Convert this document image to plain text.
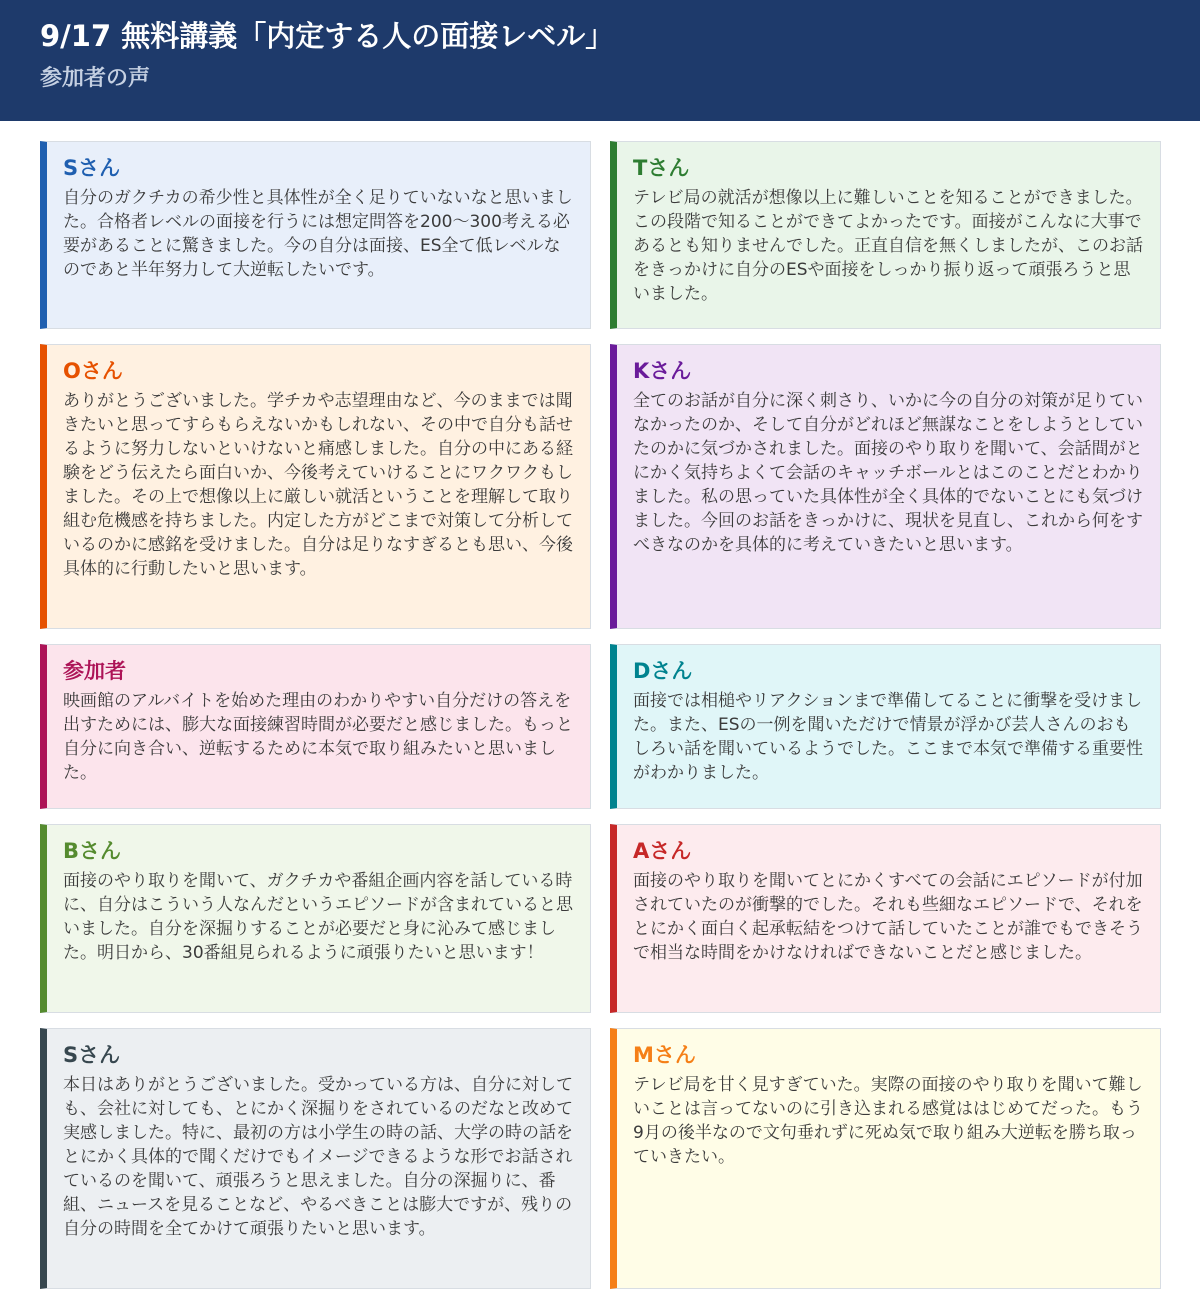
9/17 無料講義「内定する人の面接レベル」
参加者の声
Sさん
自分のガクチカの希少性と具体性が全く足りていないなと思いました。合格者レベルの面接を行うには想定問答を200〜300考える必要があることに驚きました。今の自分は面接、ES全て低レベルなのであと半年努力して大逆転したいです。
Tさん
テレビ局の就活が想像以上に難しいことを知ることができました。この段階で知ることができてよかったです。面接がこんなに大事であるとも知りませんでした。正直自信を無くしましたが、このお話をきっかけに自分のESや面接をしっかり振り返って頑張ろうと思いました。
Oさん
ありがとうございました。学チカや志望理由など、今のままでは聞きたいと思ってすらもらえないかもしれない、その中で自分も話せるように努力しないといけないと痛感しました。自分の中にある経験をどう伝えたら面白いか、今後考えていけることにワクワクもしました。その上で想像以上に厳しい就活ということを理解して取り組む危機感を持ちました。内定した方がどこまで対策して分析しているのかに感銘を受けました。自分は足りなすぎるとも思い、今後具体的に行動したいと思います。
Kさん
全てのお話が自分に深く刺さり、いかに今の自分の対策が足りていなかったのか、そして自分がどれほど無謀なことをしようとしていたのかに気づかされました。面接のやり取りを聞いて、会話間がとにかく気持ちよくて会話のキャッチボールとはこのことだとわかりました。私の思っていた具体性が全く具体的でないことにも気づけました。今回のお話をきっかけに、現状を見直し、これから何をすべきなのかを具体的に考えていきたいと思います。
参加者
映画館のアルバイトを始めた理由のわかりやすい自分だけの答えを出すためには、膨大な面接練習時間が必要だと感じました。もっと自分に向き合い、逆転するために本気で取り組みたいと思いました。
Dさん
面接では相槌やリアクションまで準備してることに衝撃を受けました。また、ESの一例を聞いただけで情景が浮かび芸人さんのおもしろい話を聞いているようでした。ここまで本気で準備する重要性がわかりました。
Bさん
面接のやり取りを聞いて、ガクチカや番組企画内容を話している時に、自分はこういう人なんだというエピソードが含まれていると思いました。自分を深掘りすることが必要だと身に沁みて感じました。明日から、30番組見られるように頑張りたいと思います！
Aさん
面接のやり取りを聞いてとにかくすべての会話にエピソードが付加されていたのが衝撃的でした。それも些細なエピソードで、それをとにかく面白く起承転結をつけて話していたことが誰でもできそうで相当な時間をかけなければできないことだと感じました。
Sさん
本日はありがとうございました。受かっている方は、自分に対しても、会社に対しても、とにかく深掘りをされているのだなと改めて実感しました。特に、最初の方は小学生の時の話、大学の時の話をとにかく具体的で聞くだけでもイメージできるような形でお話されているのを聞いて、頑張ろうと思えました。自分の深掘りに、番組、ニュースを見ることなど、やるべきことは膨大ですが、残りの自分の時間を全てかけて頑張りたいと思います。
Mさん
テレビ局を甘く見すぎていた。実際の面接のやり取りを聞いて難しいことは言ってないのに引き込まれる感覚ははじめてだった。もう9月の後半なので文句垂れずに死ぬ気で取り組み大逆転を勝ち取っていきたい。
